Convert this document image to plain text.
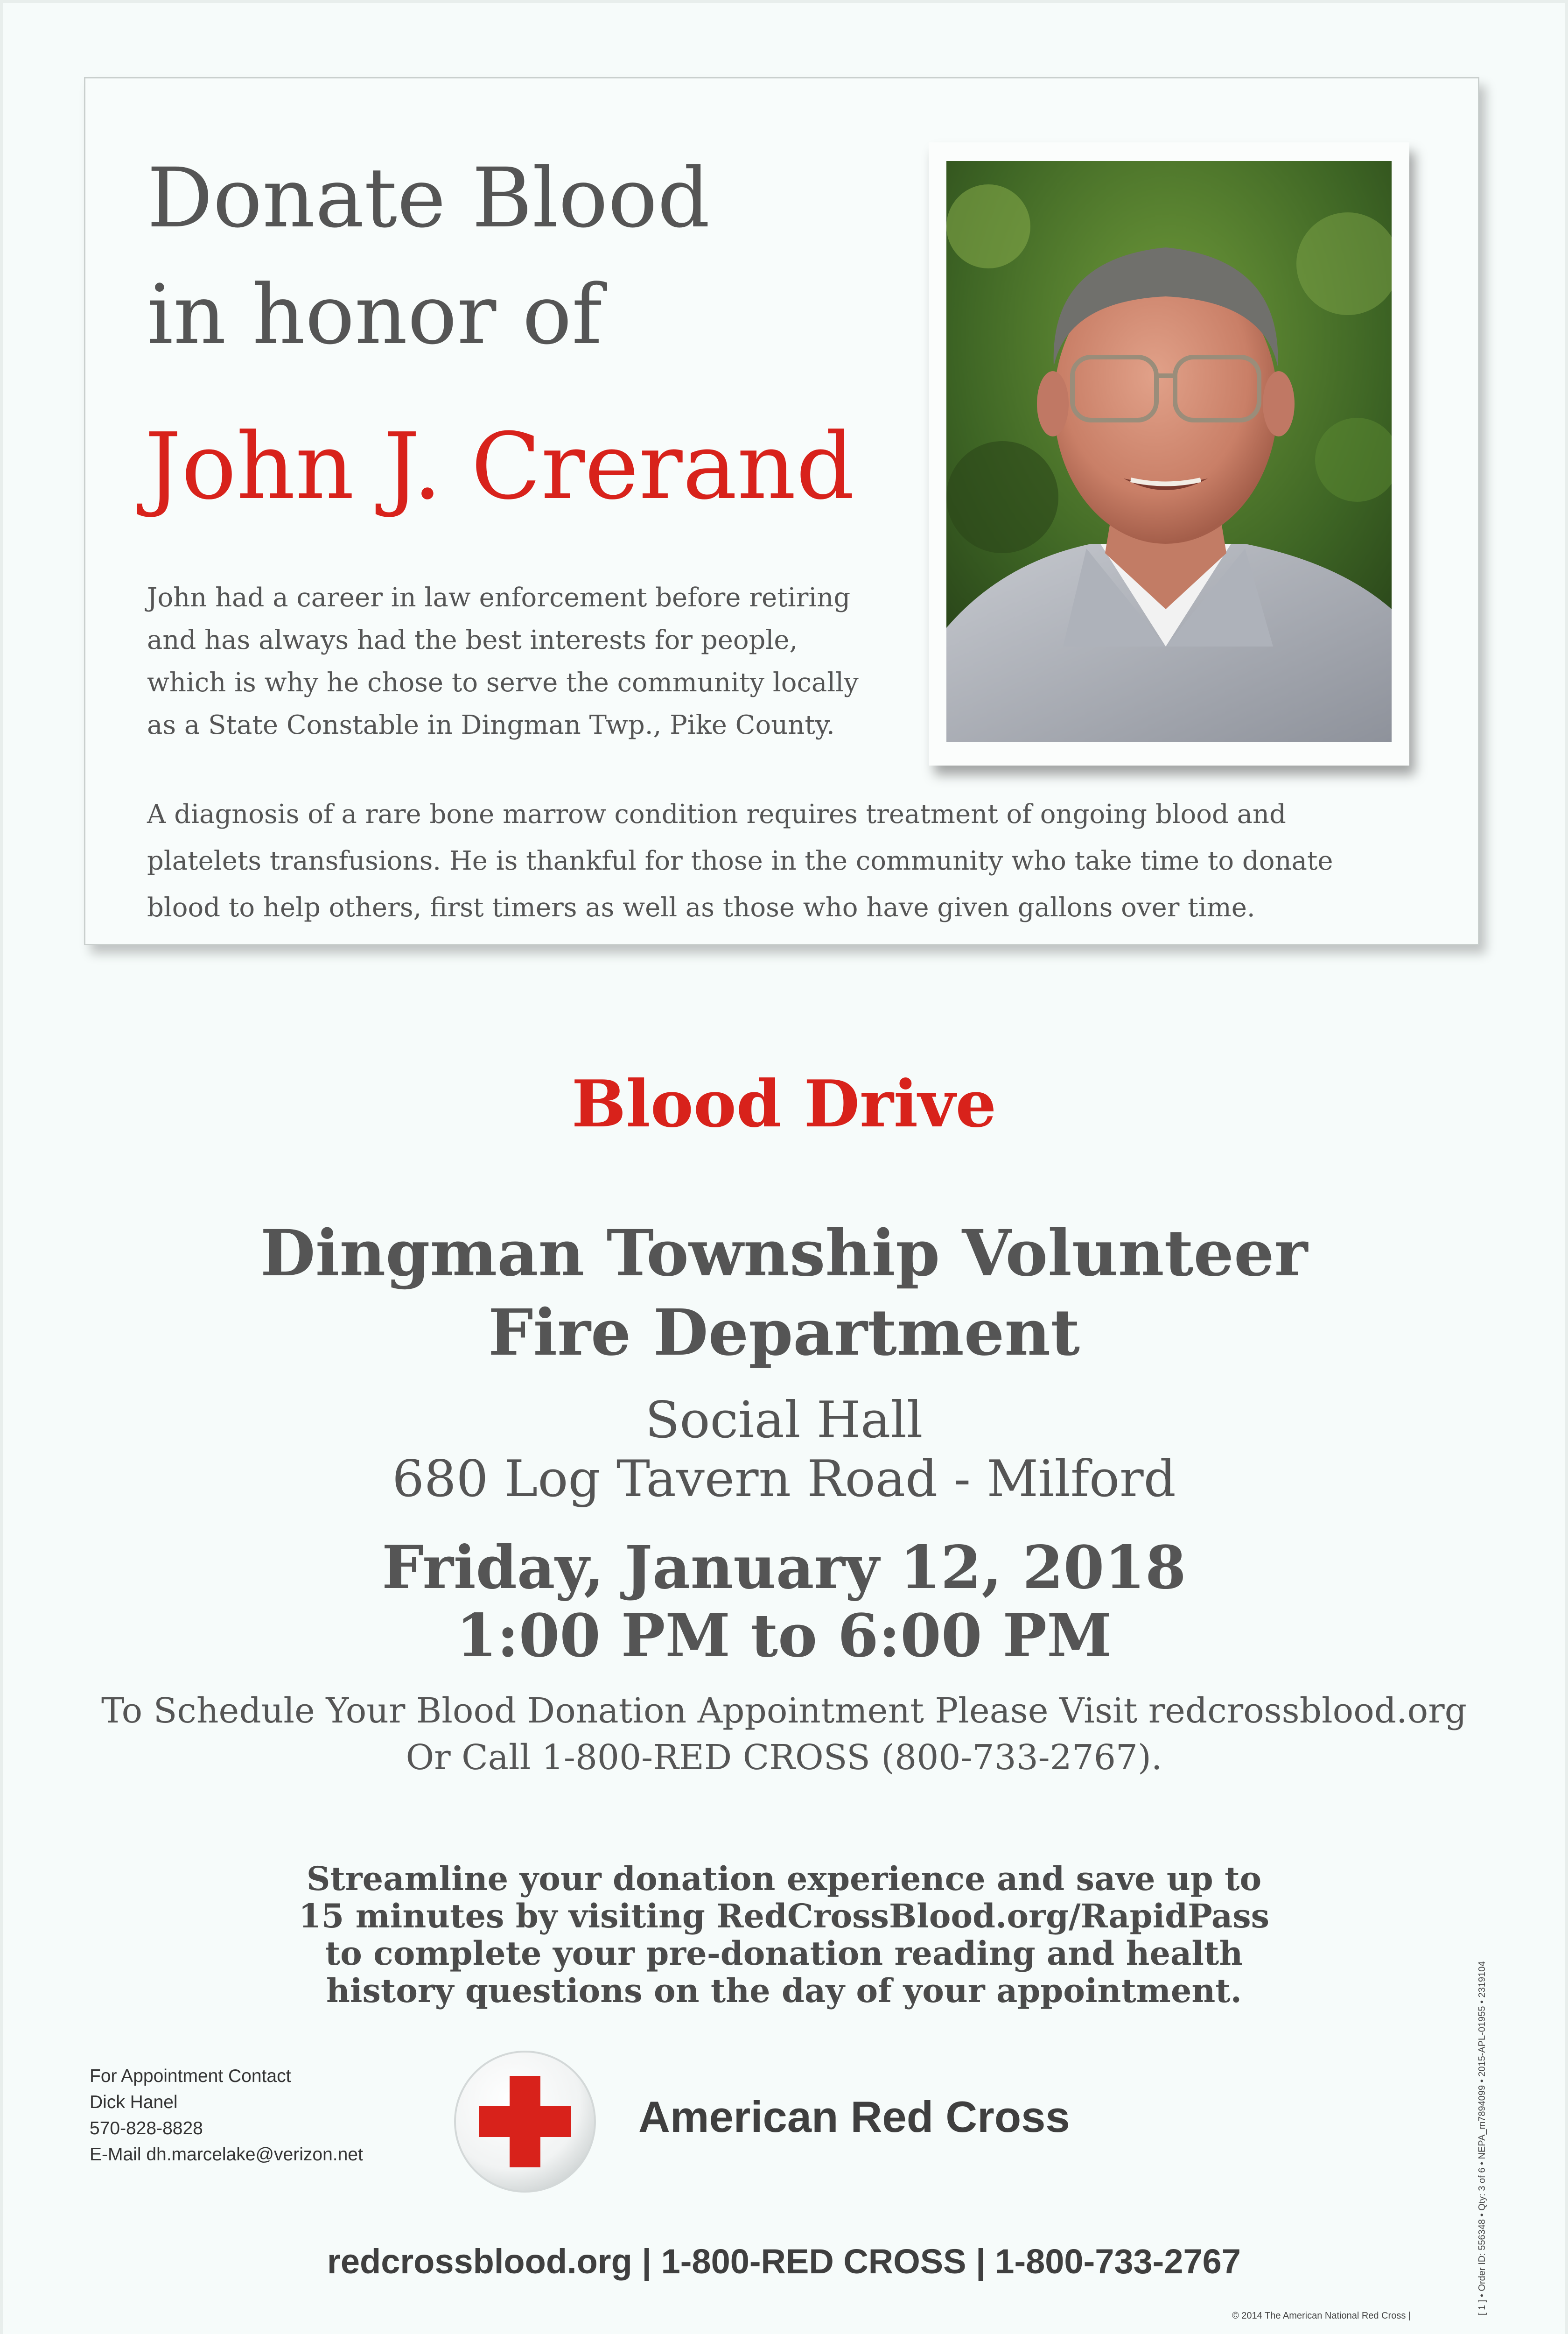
Donate Blood
in honor of
John J. Crerand
John had a career in law enforcement before retiring
and has always had the best interests for people,
which is why he chose to serve the community locally
as a State Constable in Dingman Twp., Pike County.
A diagnosis of a rare bone marrow condition requires treatment of ongoing blood and
platelets transfusions. He is thankful for those in the community who take time to donate
blood to help others, first timers as well as those who have given gallons over time.
Blood Drive
Dingman Township Volunteer
Fire Department
Social Hall
680 Log Tavern Road - Milford
Friday, January 12, 2018
1:00 PM to 6:00 PM
To Schedule Your Blood Donation Appointment Please Visit redcrossblood.org
Or Call 1-800-RED CROSS (800-733-2767).
Streamline your donation experience and save up to
15 minutes by visiting RedCrossBlood.org/RapidPass
to complete your pre-donation reading and health
history questions on the day of your appointment.
For Appointment Contact
Dick Hanel
570-828-8828
E-Mail dh.marcelake@verizon.net
American Red Cross
redcrossblood.org | 1-800-RED CROSS | 1-800-733-2767
© 2014 The American National Red Cross |
[ 1 ] • Order ID: 556348 • Qty: 3 of 6 • NEPA_m7894099 • 2015-APL-01955 • 2319104
